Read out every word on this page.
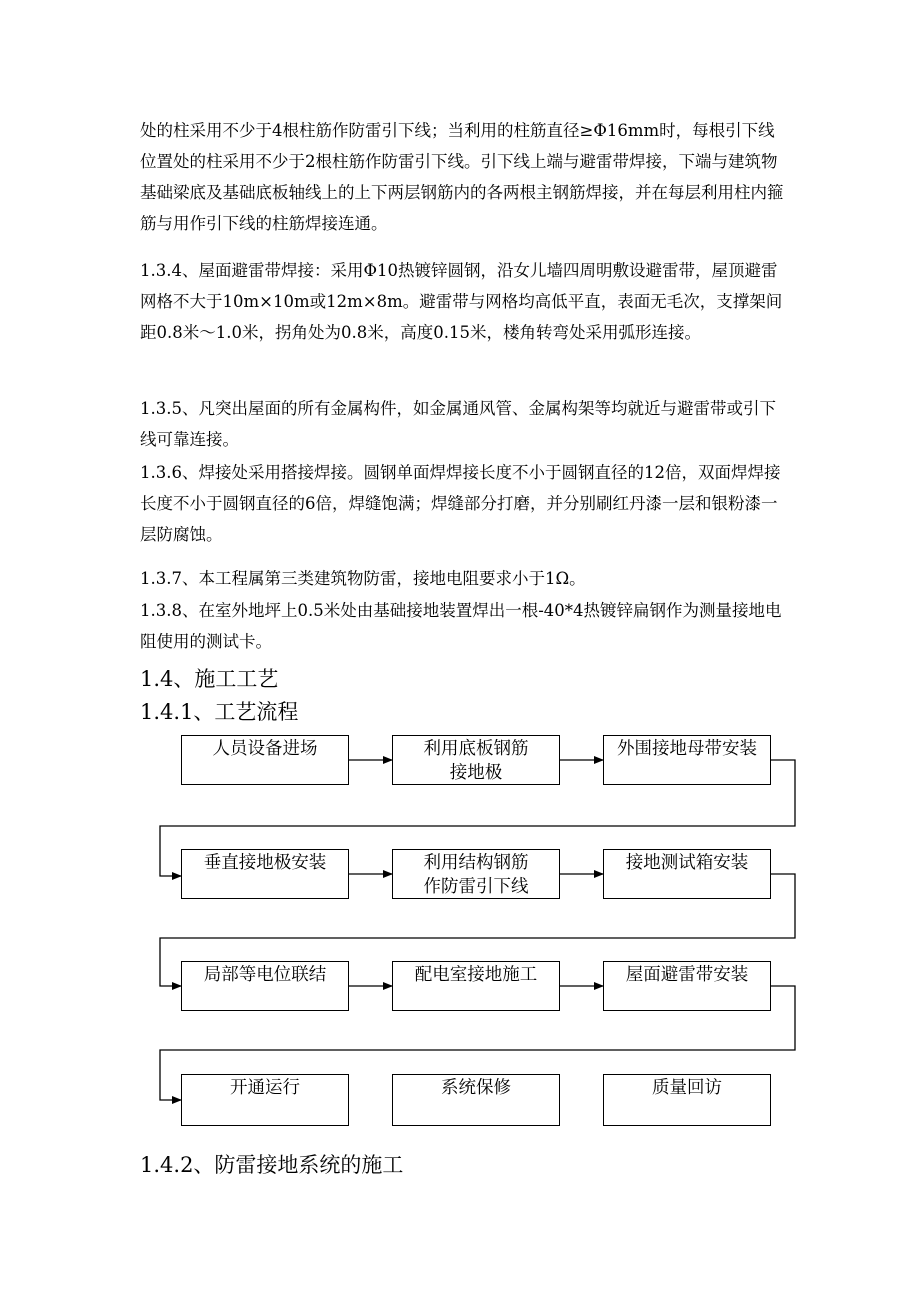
处的柱采用不少于4根柱筋作防雷引下线；当利用的柱筋直径≥Φ16mm时，每根引下线位置处的柱采用不少于2根柱筋作防雷引下线。引下线上端与避雷带焊接，下端与建筑物基础梁底及基础底板轴线上的上下两层钢筋内的各两根主钢筋焊接，并在每层利用柱内箍筋与用作引下线的柱筋焊接连通。

1.3.4、屋面避雷带焊接：采用Φ10热镀锌圆钢，沿女儿墙四周明敷设避雷带，屋顶避雷网格不大于10m×10m或12m×8m。避雷带与网格均高低平直，表面无毛次，支撑架间距0.8米～1.0米，拐角处为0.8米，高度0.15米，楼角转弯处采用弧形连接。

1.3.5、凡突出屋面的所有金属构件，如金属通风管、金属构架等均就近与避雷带或引下线可靠连接。

1.3.6、焊接处采用搭接焊接。圆钢单面焊焊接长度不小于圆钢直径的12倍，双面焊焊接长度不小于圆钢直径的6倍，焊缝饱满；焊缝部分打磨，并分别刷红丹漆一层和银粉漆一层防腐蚀。

1.3.7、本工程属第三类建筑物防雷，接地电阻要求小于1Ω。

1.3.8、在室外地坪上0.5米处由基础接地装置焊出一根-40*4热镀锌扁钢作为测量接地电阻使用的测试卡。

1.4、施工工艺
1.4.1、工艺流程
人员设备进场	利用底板钢筋
接地极
外围接地母带安装
垂直接地极安装	利用结构钢筋
作防雷引下线
接地测试箱安装
局部等电位联结	配电室接地施工	屋面避雷带安装
开通运行	系统保修	质量回访
1.4.2、防雷接地系统的施工
